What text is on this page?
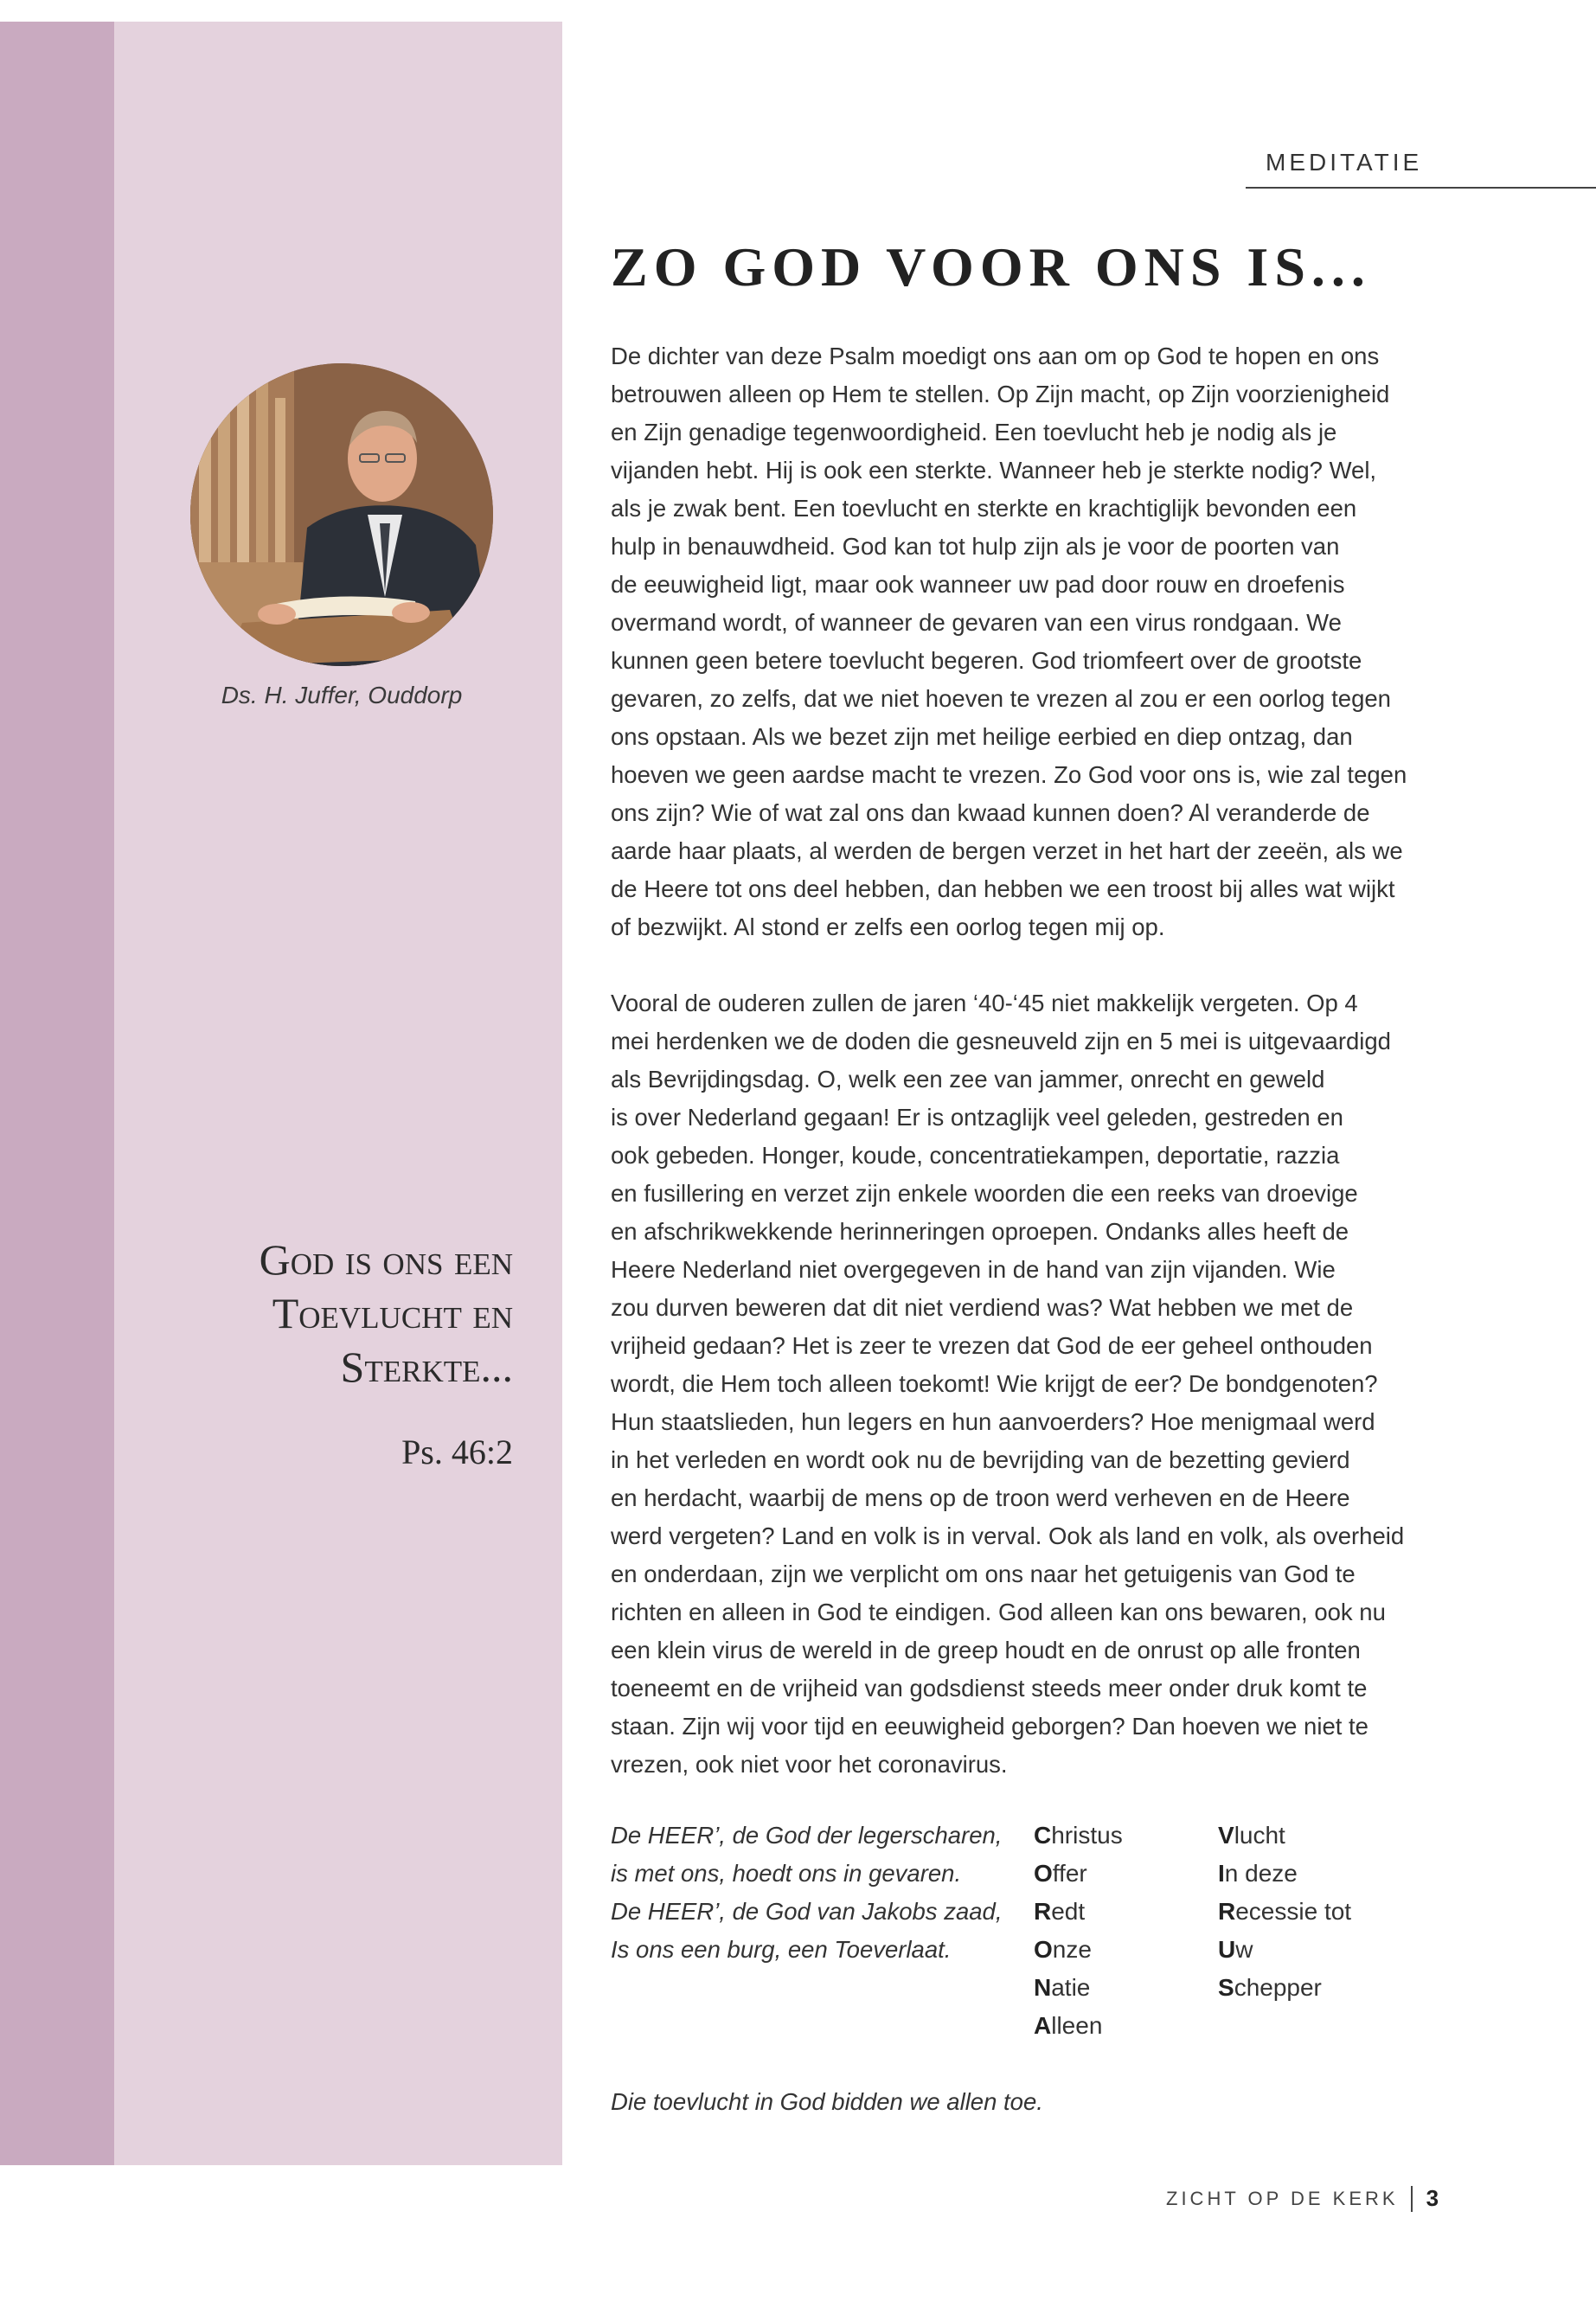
MEDITATIE
ZO GOD VOOR ONS IS...
Ds. H. Juffer, Ouddorp
God is ons een
Toevlucht en
Sterkte...
Ps. 46:2
De dichter van deze Psalm moedigt ons aan om op God te hopen en ons
betrouwen alleen op Hem te stellen. Op Zijn macht, op Zijn voorzienigheid
en Zijn genadige tegenwoordigheid. Een toevlucht heb je nodig als je
vijanden hebt. Hij is ook een sterkte. Wanneer heb je sterkte nodig? Wel,
als je zwak bent. Een toevlucht en sterkte en krachtiglijk bevonden een
hulp in benauwdheid. God kan tot hulp zijn als je voor de poorten van
de eeuwigheid ligt, maar ook wanneer uw pad door rouw en droefenis
overmand wordt, of wanneer de gevaren van een virus rondgaan. We
kunnen geen betere toevlucht begeren. God triomfeert over de grootste
gevaren, zo zelfs, dat we niet hoeven te vrezen al zou er een oorlog tegen
ons opstaan. Als we bezet zijn met heilige eerbied en diep ontzag, dan
hoeven we geen aardse macht te vrezen. Zo God voor ons is, wie zal tegen
ons zijn? Wie of wat zal ons dan kwaad kunnen doen? Al veranderde de
aarde haar plaats, al werden de bergen verzet in het hart der zeeën, als we
de Heere tot ons deel hebben, dan hebben we een troost bij alles wat wijkt
of bezwijkt. Al stond er zelfs een oorlog tegen mij op.
Vooral de ouderen zullen de jaren ‘40-‘45 niet makkelijk vergeten. Op 4
mei herdenken we de doden die gesneuveld zijn en 5 mei is uitgevaardigd
als Bevrijdingsdag. O, welk een zee van jammer, onrecht en geweld
is over Nederland gegaan! Er is ontzaglijk veel geleden, gestreden en
ook gebeden. Honger, koude, concentratiekampen, deportatie, razzia
en fusillering en verzet zijn enkele woorden die een reeks van droevige
en afschrikwekkende herinneringen oproepen. Ondanks alles heeft de
Heere Nederland niet overgegeven in de hand van zijn vijanden. Wie
zou durven beweren dat dit niet verdiend was? Wat hebben we met de
vrijheid gedaan? Het is zeer te vrezen dat God de eer geheel onthouden
wordt, die Hem toch alleen toekomt! Wie krijgt de eer? De bondgenoten?
Hun staatslieden, hun legers en hun aanvoerders? Hoe menigmaal werd
in het verleden en wordt ook nu de bevrijding van de bezetting gevierd
en herdacht, waarbij de mens op de troon werd verheven en de Heere
werd vergeten? Land en volk is in verval. Ook als land en volk, als overheid
en onderdaan, zijn we verplicht om ons naar het getuigenis van God te
richten en alleen in God te eindigen. God alleen kan ons bewaren, ook nu
een klein virus de wereld in de greep houdt en de onrust op alle fronten
toeneemt en de vrijheid van godsdienst steeds meer onder druk komt te
staan. Zijn wij voor tijd en eeuwigheid geborgen? Dan hoeven we niet te
vrezen, ook niet voor het coronavirus.
De HEER’, de God der legerscharen,
is met ons, hoedt ons in gevaren.
De HEER’, de God van Jakobs zaad,
Is ons een burg, een Toeverlaat.
Christus
Offer
Redt
Onze
Natie
Alleen
Vlucht
In deze
Recessie tot
Uw
Schepper
Die toevlucht in God bidden we allen toe.
ZICHT OP DE KERK 3
